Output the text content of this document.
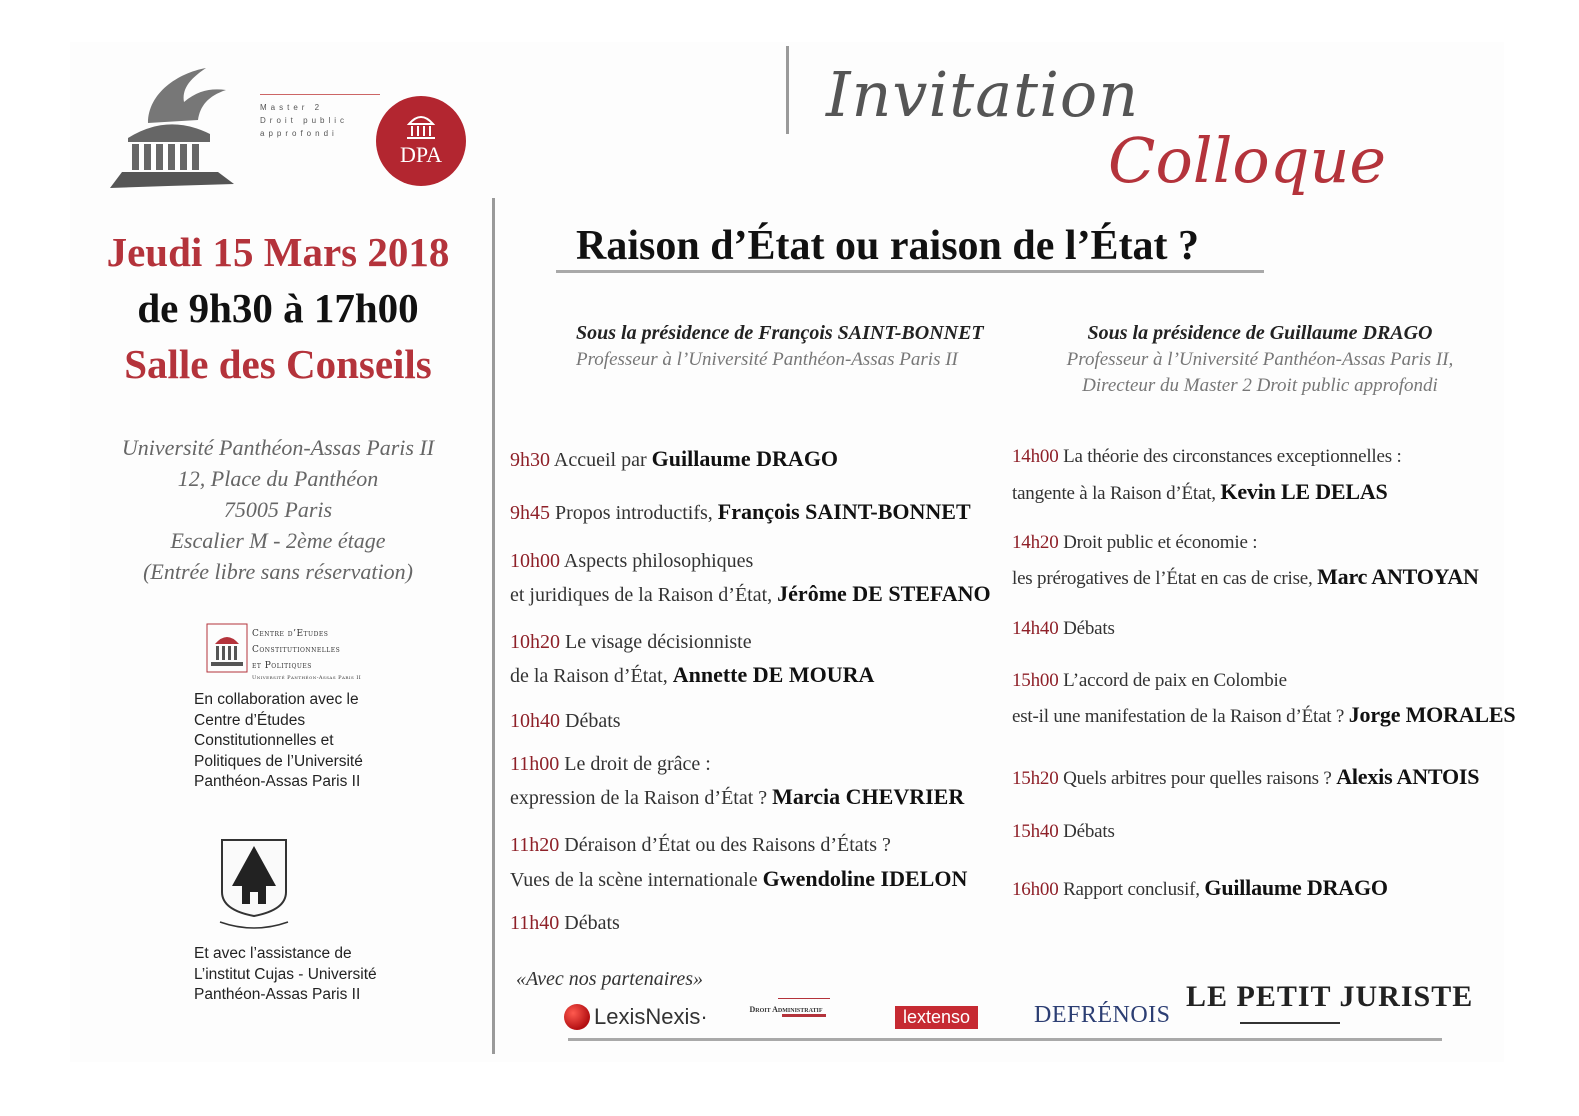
Master 2
Droit public
approfondi
DPA
Invitation
Colloque
Raison d’État ou raison de l’État ?
Jeudi 15 Mars 2018
de 9h30 à 17h00
Salle des Conseils
Université Panthéon-Assas Paris II
12, Place du Panthéon
75005 Paris
Escalier M - 2ème étage
(Entrée libre sans réservation)
Centre d’Etudes
Constitutionnelles
et Politiques
Université Panthéon-Assas Paris II
En collaboration avec le
Centre d’Études
Constitutionnelles et
Politiques de l’Université
Panthéon-Assas Paris II
Et avec l’assistance de
L’institut Cujas - Université
Panthéon-Assas Paris II
Sous la présidence de François SAINT-BONNET
Professeur à l’Université Panthéon-Assas Paris II
Sous la présidence de Guillaume DRAGO
Professeur à l’Université Panthéon-Assas Paris II,
Directeur du Master 2 Droit public approfondi
9h30 Accueil par Guillaume DRAGO
9h45 Propos introductifs, François SAINT-BONNET
10h00 Aspects philosophiques
et juridiques de la Raison d’État, Jérôme DE STEFANO
10h20 Le visage décisionniste
de la Raison d’État, Annette DE MOURA
10h40 Débats
11h00 Le droit de grâce :
expression de la Raison d’État ? Marcia CHEVRIER
11h20 Déraison d’État ou des Raisons d’États ?
Vues de la scène internationale Gwendoline IDELON
11h40 Débats
14h00 La théorie des circonstances exceptionnelles :
tangente à la Raison d’État, Kevin LE DELAS
14h20 Droit public et économie :
les prérogatives de l’État en cas de crise, Marc ANTOYAN
14h40 Débats
15h00 L’accord de paix en Colombie
est-il une manifestation de la Raison d’État ? Jorge MORALES
15h20 Quels arbitres pour quelles raisons ? Alexis ANTOIS
15h40 Débats
16h00 Rapport conclusif, Guillaume DRAGO
«Avec nos partenaires»
LexisNexis·	Droit Administratif	lextenso	DEFRÉNOIS
LE PETIT JURISTE
